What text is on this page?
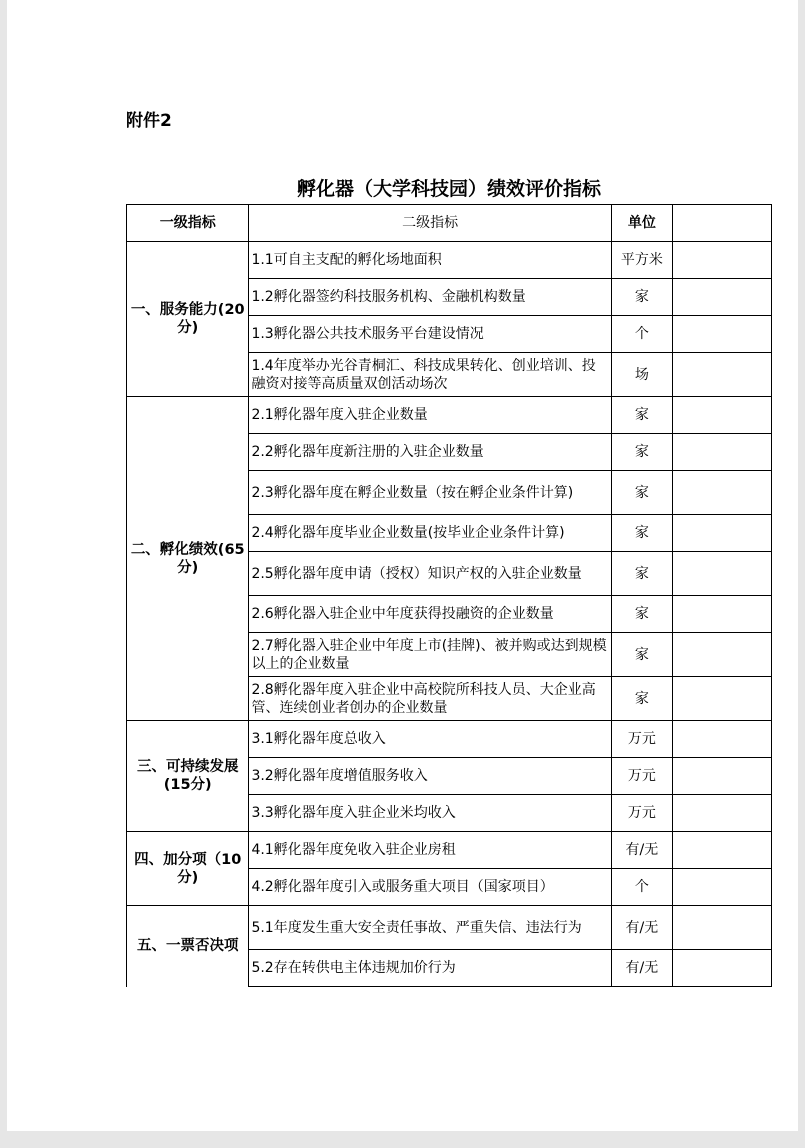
附件2
孵化器（大学科技园）绩效评价指标
一级指标	二级指标	单位	
一、服务能力(20分)	1.1可自主支配的孵化场地面积	平方米	
	1.2孵化器签约科技服务机构、金融机构数量	家	
	1.3孵化器公共技术服务平台建设情况	个	
	1.4年度举办光谷青桐汇、科技成果转化、创业培训、投融资对接等高质量双创活动场次	场	
二、孵化绩效(65分)	2.1孵化器年度入驻企业数量	家	
	2.2孵化器年度新注册的入驻企业数量	家	
	2.3孵化器年度在孵企业数量（按在孵企业条件计算)	家	
	2.4孵化器年度毕业企业数量(按毕业企业条件计算)	家	
	2.5孵化器年度申请（授权）知识产权的入驻企业数量	家	
	2.6孵化器入驻企业中年度获得投融资的企业数量	家	
	2.7孵化器入驻企业中年度上市(挂牌)、被并购或达到规模以上的企业数量	家	
	2.8孵化器年度入驻企业中高校院所科技人员、大企业高管、连续创业者创办的企业数量	家	
三、可持续发展(15分)	3.1孵化器年度总收入	万元	
	3.2孵化器年度增值服务收入	万元	
	3.3孵化器年度入驻企业米均收入	万元	
四、加分项（10分)	4.1孵化器年度免收入驻企业房租	有/无	
	4.2孵化器年度引入或服务重大项目（国家项目）	个	
五、一票否决项	5.1年度发生重大安全责任事故、严重失信、违法行为	有/无	
	5.2存在转供电主体违规加价行为	有/无	
